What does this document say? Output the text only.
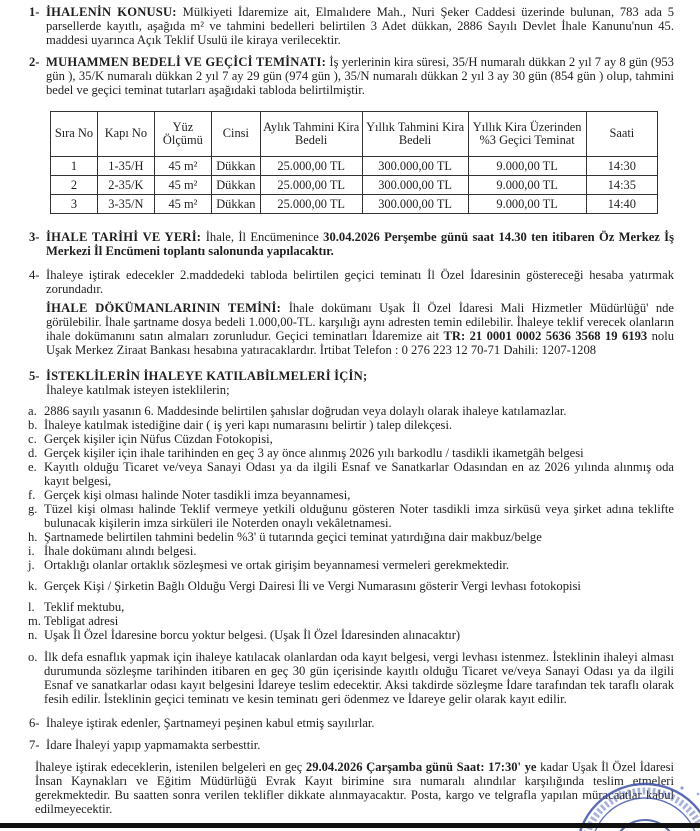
1- İHALENİN KONUSU: Mülkiyeti İdaremize ait, Elmalıdere Mah., Nuri Şeker Caddesi üzerinde bulunan, 783 ada 5 parsellerde kayıtlı, aşağıda m² ve tahmini bedelleri belirtilen 3 Adet dükkan, 2886 Sayılı Devlet İhale Kanunu'nun 45. maddesi uyarınca Açık Teklif Usulü ile kiraya verilecektir.
2- MUHAMMEN BEDELİ VE GEÇİCİ TEMİNATI: İş yerlerinin kira süresi, 35/H numaralı dükkan 2 yıl 7 ay 8 gün (953 gün ), 35/K numaralı dükkan 2 yıl 7 ay 29 gün (974 gün ), 35/N numaralı dükkan 2 yıl 3 ay 30 gün (854 gün ) olup, tahmini bedel ve geçici teminat tutarları aşağıdaki tabloda belirtilmiştir.
Sıra No	Kapı No	Yüz Ölçümü	Cinsi	Aylık Tahmini Kira Bedeli	Yıllık Tahmini Kira Bedeli	Yıllık Kira Üzerinden %3 Geçici Teminat	Saati
1	1-35/H	45 m²	Dükkan	25.000,00 TL	300.000,00 TL	9.000,00 TL	14:30
2	2-35/K	45 m²	Dükkan	25.000,00 TL	300.000,00 TL	9.000,00 TL	14:35
3	3-35/N	45 m²	Dükkan	25.000,00 TL	300.000,00 TL	9.000,00 TL	14:40
3- İHALE TARİHİ VE YERİ: İhale, İl Encümenince 30.04.2026 Perşembe günü saat 14.30 ten itibaren Öz Merkez İş Merkezi İl Encümeni toplantı salonunda yapılacaktır.
4- İhaleye iştirak edecekler 2.maddedeki tabloda belirtilen geçici teminatı İl Özel İdaresinin göstereceği hesaba yatırmak zorundadır.
İHALE DÖKÜMANLARININ TEMİNİ: İhale dokümanı Uşak İl Özel İdaresi Mali Hizmetler Müdürlüğü' nde görülebilir. İhale şartname dosya bedeli 1.000,00-TL. karşılığı aynı adresten temin edilebilir. İhaleye teklif verecek olanların ihale dokümanını satın almaları zorunludur. Geçici teminatları İdaremize ait TR: 21 0001 0002 5636 3568 19 6193 nolu Uşak Merkez Ziraat Bankası hesabına yatıracaklardır. İrtibat Telefon : 0 276 223 12 70-71 Dahili: 1207-1208
5- İSTEKLİLERİN İHALEYE KATILABİLMELERİ İÇİN;
İhaleye katılmak isteyen isteklilerin;
a. 2886 sayılı yasanın 6. Maddesinde belirtilen şahıslar doğrudan veya dolaylı olarak ihaleye katılamazlar.
b. İhaleye katılmak istediğine dair ( iş yeri kapı numarasını belirtir ) talep dilekçesi.
c. Gerçek kişiler için Nüfus Cüzdan Fotokopisi,
d. Gerçek kişiler için ihale tarihinden en geç 3 ay önce alınmış 2026 yılı barkodlu / tasdikli ikametgâh belgesi
e. Kayıtlı olduğu Ticaret ve/veya Sanayi Odası ya da ilgili Esnaf ve Sanatkarlar Odasından en az 2026 yılında alınmış oda kayıt belgesi,
f. Gerçek kişi olması halinde Noter tasdikli imza beyannamesi,
g. Tüzel kişi olması halinde Teklif vermeye yetkili olduğunu gösteren Noter tasdikli imza sirküsü veya şirket adına teklifte bulunacak kişilerin imza sirküleri ile Noterden onaylı vekâletnamesi.
h. Şartnamede belirtilen tahmini bedelin %3' ü tutarında geçici teminat yatırdığına dair makbuz/belge
i. İhale dokümanı alındı belgesi.
j. Ortaklığı olanlar ortaklık sözleşmesi ve ortak girişim beyannamesi vermeleri gerekmektedir.
k. Gerçek Kişi / Şirketin Bağlı Olduğu Vergi Dairesi İli ve Vergi Numarasını gösterir Vergi levhası fotokopisi
l. Teklif mektubu,
m. Tebligat adresi
n. Uşak İl Özel İdaresine borcu yoktur belgesi. (Uşak İl Özel İdaresinden alınacaktır)
o. İlk defa esnaflık yapmak için ihaleye katılacak olanlardan oda kayıt belgesi, vergi levhası istenmez. İsteklinin ihaleyi alması durumunda sözleşme tarihinden itibaren en geç 30 gün içerisinde kayıtlı olduğu Ticaret ve/veya Sanayi Odası ya da ilgili Esnaf ve sanatkarlar odası kayıt belgesini İdareye teslim edecektir. Aksi takdirde sözleşme İdare tarafından tek taraflı olarak fesih edilir. İsteklinin geçici teminatı ve kesin teminatı geri ödenmez ve İdareye gelir olarak kayıt edilir.
6- İhaleye iştirak edenler, Şartnameyi peşinen kabul etmiş sayılırlar.
7- İdare İhaleyi yapıp yapmamakta serbesttir.
İhaleye iştirak edeceklerin, istenilen belgeleri en geç 29.04.2026 Çarşamba günü Saat: 17:30' ye kadar Uşak İl Özel İdaresi İnsan Kaynakları ve Eğitim Müdürlüğü Evrak Kayıt birimine sıra numaralı alındılar karşılığında teslim etmeleri gerekmektedir. Bu saatten sonra verilen teklifler dikkate alınmayacaktır. Posta, kargo ve telgrafla yapılan müracaatlar kabul edilmeyecektir.
